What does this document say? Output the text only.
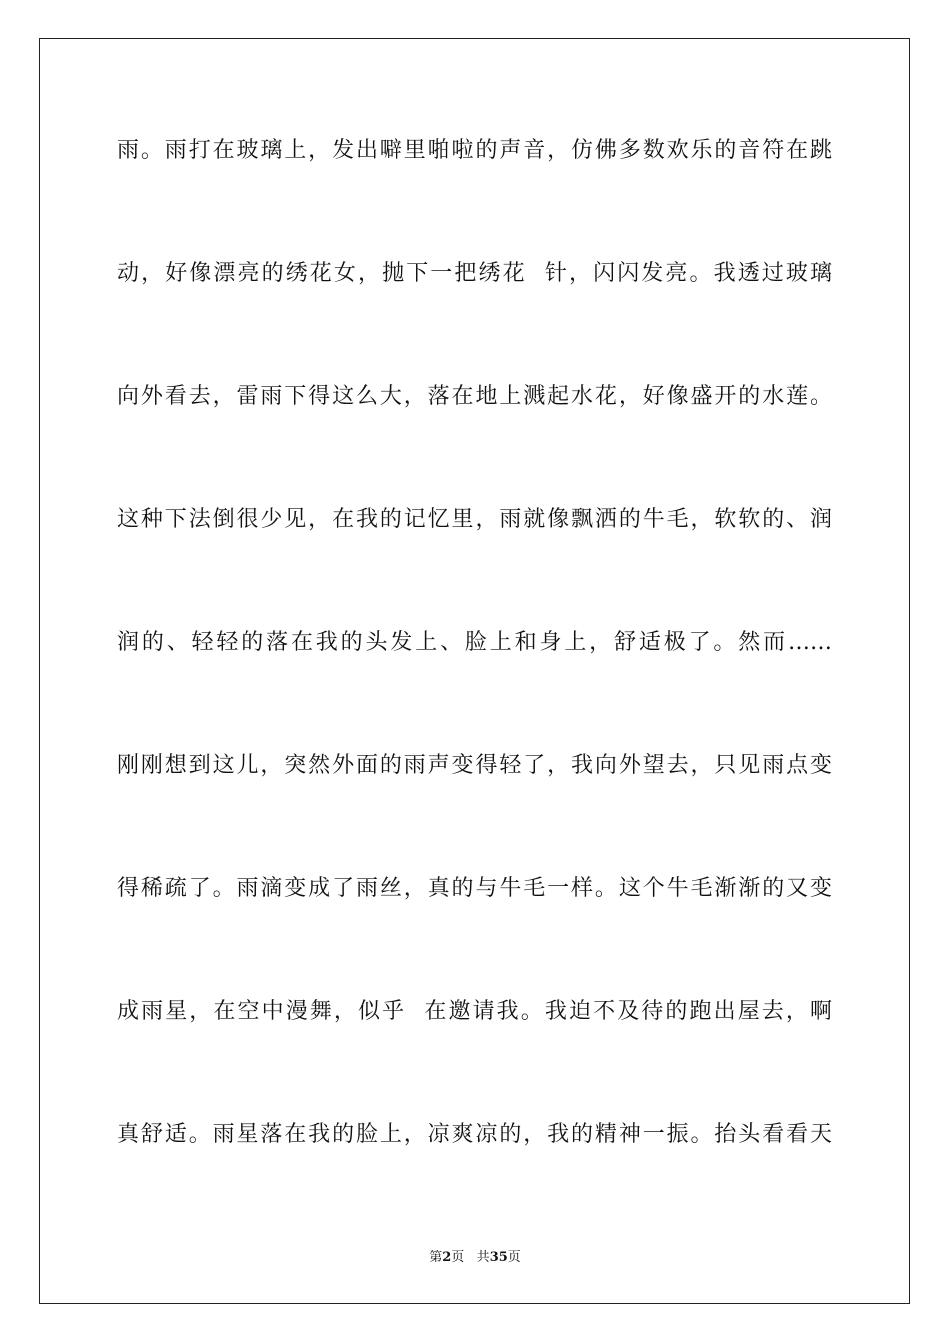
雨。雨打在玻璃上，发出噼里啪啦的声音，仿佛多数欢乐的音符在跳
动，好像漂亮的绣花女，抛下一把绣花  针，闪闪发亮。我透过玻璃
向外看去，雷雨下得这么大，落在地上溅起水花，好像盛开的水莲。
这种下法倒很少见，在我的记忆里，雨就像飘洒的牛毛，软软的、润
润的、轻轻的落在我的头发上、脸上和身上，舒适极了。然而……
刚刚想到这儿，突然外面的雨声变得轻了，我向外望去，只见雨点变
得稀疏了。雨滴变成了雨丝，真的与牛毛一样。这个牛毛渐渐的又变
成雨星，在空中漫舞，似乎  在邀请我。我迫不及待的跑出屋去，啊
真舒适。雨星落在我的脸上，凉爽凉的，我的精神一振。抬头看看天
第2页 共35页
